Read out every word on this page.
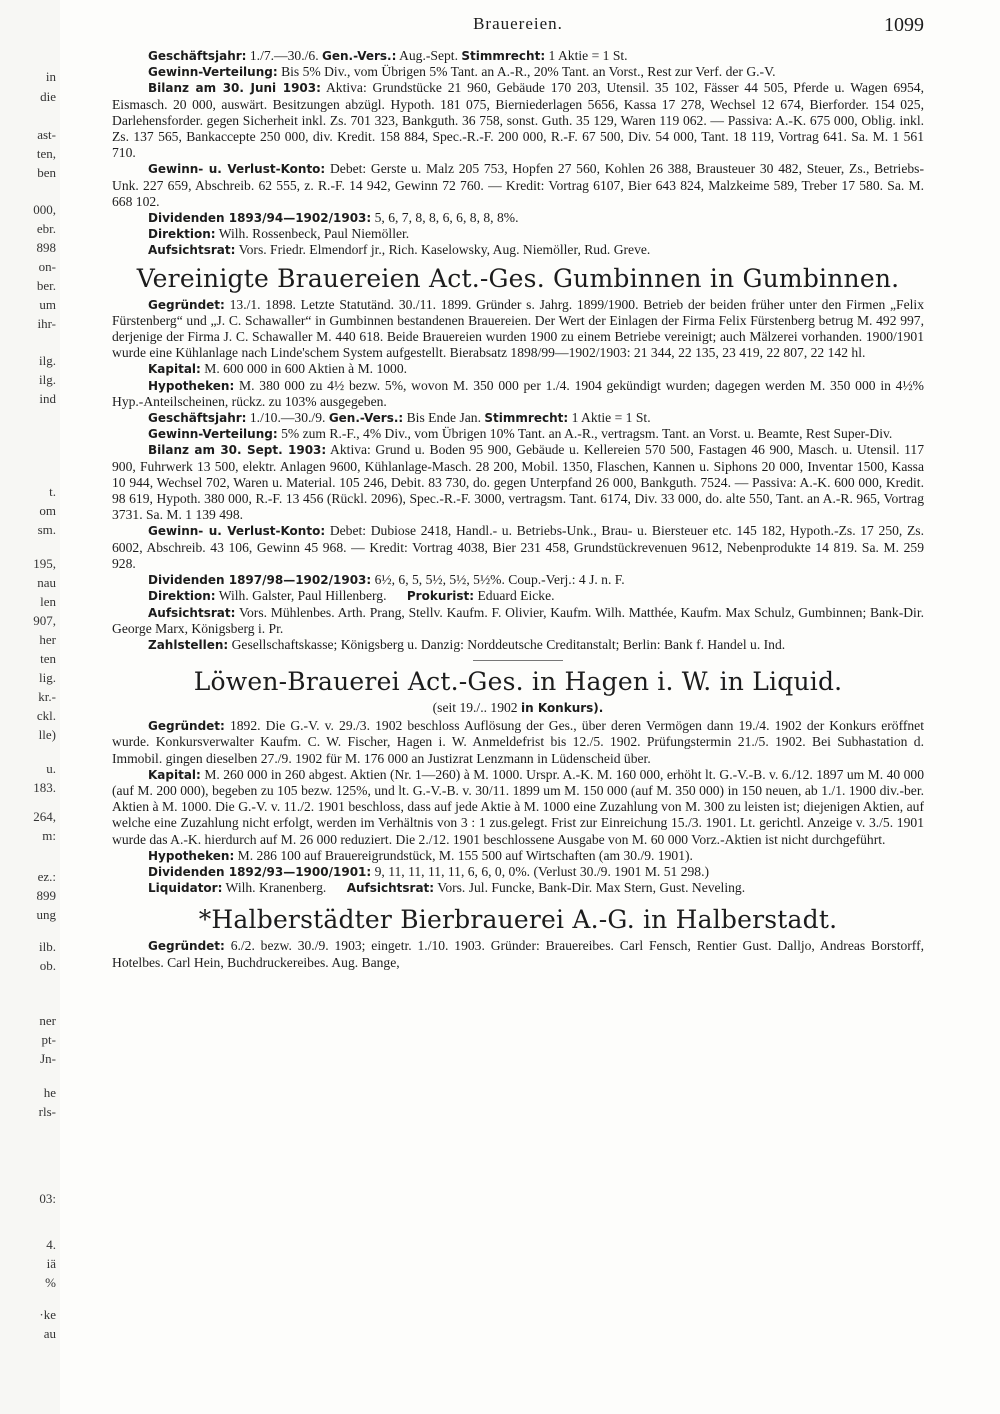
in
die
ast-
ten,
ben
000,
ebr.
898
on-
ber.
um
ihr-
ilg.
ilg.
ind
t.
om
sm.
195,
nau
len
907,
her
ten
lig.
kr.-
ckl.
lle)
u.
183.
264,
m:
ez.:
899
ung
ilb.
ob.
ner
pt-
Jn-
he
rls-
03:
4.
iä
%
·ke
au
Brauereien.	1099

Geschäftsjahr: 1./7.—30./6. Gen.-Vers.: Aug.-Sept. Stimmrecht: 1 Aktie = 1 St.

Gewinn-Verteilung: Bis 5% Div., vom Übrigen 5% Tant. an A.-R., 20% Tant. an Vorst., Rest zur Verf. der G.-V.

Bilanz am 30. Juni 1903: Aktiva: Grundstücke 21 960, Gebäude 170 203, Utensil. 35 102, Fässer 44 505, Pferde u. Wagen 6954, Eismasch. 20 000, auswärt. Besitzungen abzügl. Hypoth. 181 075, Bierniederlagen 5656, Kassa 17 278, Wechsel 12 674, Bierforder. 154 025, Darlehensforder. gegen Sicherheit inkl. Zs. 701 323, Bankguth. 36 758, sonst. Guth. 35 129, Waren 119 062. — Passiva: A.-K. 675 000, Oblig. inkl. Zs. 137 565, Bankaccepte 250 000, div. Kredit. 158 884, Spec.-R.-F. 200 000, R.-F. 67 500, Div. 54 000, Tant. 18 119, Vortrag 641. Sa. M. 1 561 710.

Gewinn- u. Verlust-Konto: Debet: Gerste u. Malz 205 753, Hopfen 27 560, Kohlen 26 388, Brausteuer 30 482, Steuer, Zs., Betriebs-Unk. 227 659, Abschreib. 62 555, z. R.-F. 14 942, Gewinn 72 760. — Kredit: Vortrag 6107, Bier 643 824, Malzkeime 589, Treber 17 580. Sa. M. 668 102.

Dividenden 1893/94—1902/1903: 5, 6, 7, 8, 8, 6, 6, 8, 8, 8%.

Direktion: Wilh. Rossenbeck, Paul Niemöller.

Aufsichtsrat: Vors. Friedr. Elmendorf jr., Rich. Kaselowsky, Aug. Niemöller, Rud. Greve.

Vereinigte Brauereien Act.-Ges. Gumbinnen in Gumbinnen.

Gegründet: 13./1. 1898. Letzte Statutänd. 30./11. 1899. Gründer s. Jahrg. 1899/1900. Betrieb der beiden früher unter den Firmen „Felix Fürstenberg“ und „J. C. Schawaller“ in Gumbinnen bestandenen Brauereien. Der Wert der Einlagen der Firma Felix Fürstenberg betrug M. 492 997, derjenige der Firma J. C. Schawaller M. 440 618. Beide Brauereien wurden 1900 zu einem Betriebe vereinigt; auch Mälzerei vorhanden. 1900/1901 wurde eine Kühlanlage nach Linde'schem System aufgestellt. Bierabsatz 1898/99—1902/1903: 21 344, 22 135, 23 419, 22 807, 22 142 hl.

Kapital: M. 600 000 in 600 Aktien à M. 1000.

Hypotheken: M. 380 000 zu 4½ bezw. 5%, wovon M. 350 000 per 1./4. 1904 gekündigt wurden; dagegen werden M. 350 000 in 4½% Hyp.-Anteilscheinen, rückz. zu 103% ausgegeben.

Geschäftsjahr: 1./10.—30./9. Gen.-Vers.: Bis Ende Jan. Stimmrecht: 1 Aktie = 1 St.

Gewinn-Verteilung: 5% zum R.-F., 4% Div., vom Übrigen 10% Tant. an A.-R., vertragsm. Tant. an Vorst. u. Beamte, Rest Super-Div.

Bilanz am 30. Sept. 1903: Aktiva: Grund u. Boden 95 900, Gebäude u. Kellereien 570 500, Fastagen 46 900, Masch. u. Utensil. 117 900, Fuhrwerk 13 500, elektr. Anlagen 9600, Kühlanlage-Masch. 28 200, Mobil. 1350, Flaschen, Kannen u. Siphons 20 000, Inventar 1500, Kassa 10 944, Wechsel 702, Waren u. Material. 105 246, Debit. 83 730, do. gegen Unterpfand 26 000, Bankguth. 7524. — Passiva: A.-K. 600 000, Kredit. 98 619, Hypoth. 380 000, R.-F. 13 456 (Rückl. 2096), Spec.-R.-F. 3000, vertragsm. Tant. 6174, Div. 33 000, do. alte 550, Tant. an A.-R. 965, Vortrag 3731. Sa. M. 1 139 498.

Gewinn- u. Verlust-Konto: Debet: Dubiose 2418, Handl.- u. Betriebs-Unk., Brau- u. Biersteuer etc. 145 182, Hypoth.-Zs. 17 250, Zs. 6002, Abschreib. 43 106, Gewinn 45 968. — Kredit: Vortrag 4038, Bier 231 458, Grundstückrevenuen 9612, Nebenprodukte 14 819. Sa. M. 259 928.

Dividenden 1897/98—1902/1903: 6½, 6, 5, 5½, 5½, 5½%. Coup.-Verj.: 4 J. n. F.

Direktion: Wilh. Galster, Paul Hillenberg. Prokurist: Eduard Eicke.

Aufsichtsrat: Vors. Mühlenbes. Arth. Prang, Stellv. Kaufm. F. Olivier, Kaufm. Wilh. Matthée, Kaufm. Max Schulz, Gumbinnen; Bank-Dir. George Marx, Königsberg i. Pr.

Zahlstellen: Gesellschaftskasse; Königsberg u. Danzig: Norddeutsche Creditanstalt; Berlin: Bank f. Handel u. Ind.

Löwen-Brauerei Act.-Ges. in Hagen i. W. in Liquid.
(seit 19./.. 1902 in Konkurs).

Gegründet: 1892. Die G.-V. v. 29./3. 1902 beschloss Auflösung der Ges., über deren Vermögen dann 19./4. 1902 der Konkurs eröffnet wurde. Konkursverwalter Kaufm. C. W. Fischer, Hagen i. W. Anmeldefrist bis 12./5. 1902. Prüfungstermin 21./5. 1902. Bei Subhastation d. Immobil. gingen dieselben 27./9. 1902 für M. 176 000 an Justizrat Lenzmann in Lüdenscheid über.

Kapital: M. 260 000 in 260 abgest. Aktien (Nr. 1—260) à M. 1000. Urspr. A.-K. M. 160 000, erhöht lt. G.-V.-B. v. 6./12. 1897 um M. 40 000 (auf M. 200 000), begeben zu 105 bezw. 125%, und lt. G.-V.-B. v. 30/11. 1899 um M. 150 000 (auf M. 350 000) in 150 neuen, ab 1./1. 1900 div.-ber. Aktien à M. 1000. Die G.-V. v. 11./2. 1901 beschloss, dass auf jede Aktie à M. 1000 eine Zuzahlung von M. 300 zu leisten ist; diejenigen Aktien, auf welche eine Zuzahlung nicht erfolgt, werden im Verhältnis von 3 : 1 zus.gelegt. Frist zur Einreichung 15./3. 1901. Lt. gerichtl. Anzeige v. 3./5. 1901 wurde das A.-K. hierdurch auf M. 26 000 reduziert. Die 2./12. 1901 beschlossene Ausgabe von M. 60 000 Vorz.-Aktien ist nicht durchgeführt.

Hypotheken: M. 286 100 auf Brauereigrundstück, M. 155 500 auf Wirtschaften (am 30./9. 1901).

Dividenden 1892/93—1900/1901: 9, 11, 11, 11, 11, 6, 6, 0, 0%. (Verlust 30./9. 1901 M. 51 298.)

Liquidator: Wilh. Kranenberg. Aufsichtsrat: Vors. Jul. Funcke, Bank-Dir. Max Stern, Gust. Neveling.

*Halberstädter Bierbrauerei A.-G. in Halberstadt.

Gegründet: 6./2. bezw. 30./9. 1903; eingetr. 1./10. 1903. Gründer: Brauereibes. Carl Fensch, Rentier Gust. Dalljo, Andreas Borstorff, Hotelbes. Carl Hein, Buchdruckereibes. Aug. Bange,
